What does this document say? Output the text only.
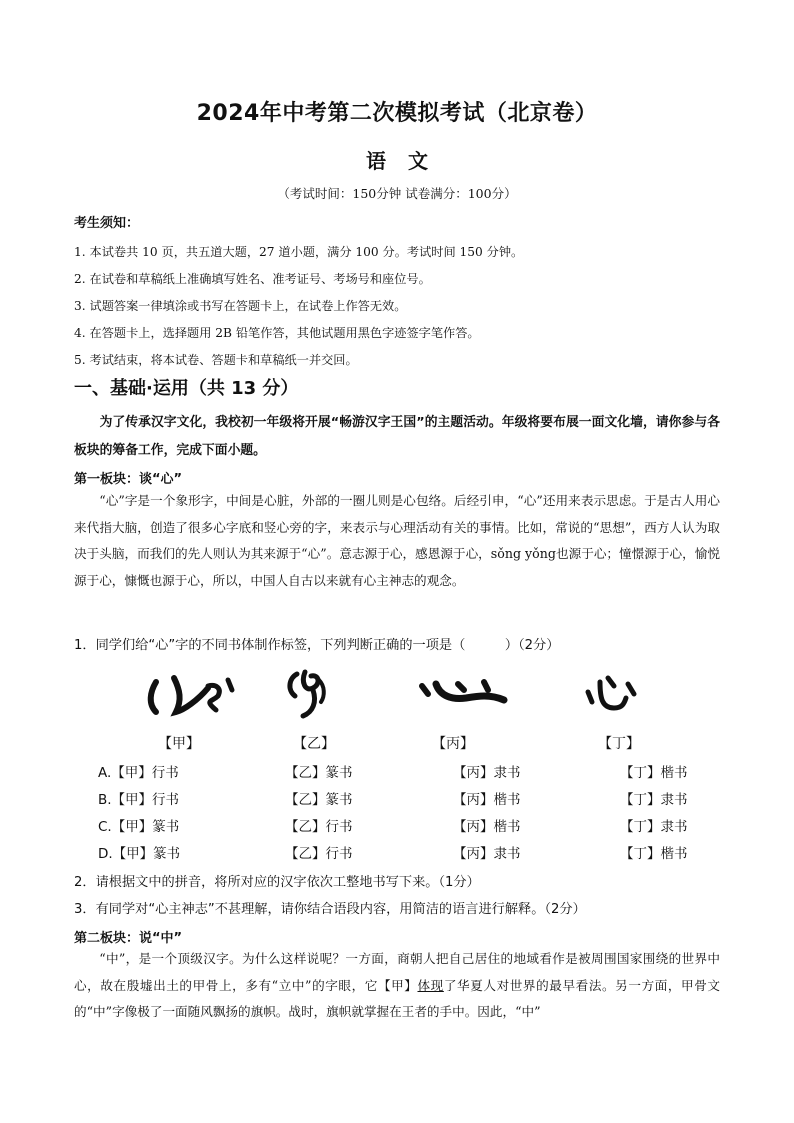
2024年中考第二次模拟考试（北京卷）
语 文
（考试时间：150分钟 试卷满分：100分）
考生须知：
1. 本试卷共 10 页，共五道大题，27 道小题，满分 100 分。考试时间 150 分钟。
2. 在试卷和草稿纸上准确填写姓名、准考证号、考场号和座位号。
3. 试题答案一律填涂或书写在答题卡上，在试卷上作答无效。
4. 在答题卡上，选择题用 2B 铅笔作答，其他试题用黑色字迹签字笔作答。
5. 考试结束，将本试卷、答题卡和草稿纸一并交回。
一、基础·运用（共 13 分）

为了传承汉字文化，我校初一年级将开展“畅游汉字王国”的主题活动。年级将要布展一面文化墙，请你参与各板块的筹备工作，完成下面小题。

第一板块：谈“心”

“心”字是一个象形字，中间是心脏，外部的一圈儿则是心包络。后经引申，“心”还用来表示思虑。于是古人用心来代指大脑，创造了很多心字底和竖心旁的字，来表示与心理活动有关的事情。比如，常说的“思想”，西方人认为取决于头脑，而我们的先人则认为其来源于“心”。意志源于心，感恩源于心，sǒng yǒng也源于心；憧憬源于心，愉悦源于心，慷慨也源于心，所以，中国人自古以来就有心主神志的观念。

1．同学们给“心”字的不同书体制作标签，下列判断正确的一项是（　　　）（2分）
【甲】	【乙】	【丙】	【丁】
A.【甲】行书	【乙】篆书	【丙】隶书	【丁】楷书
B.【甲】行书	【乙】篆书	【丙】楷书	【丁】隶书
C.【甲】篆书	【乙】行书	【丙】楷书	【丁】隶书
D.【甲】篆书	【乙】行书	【丙】隶书	【丁】楷书
2．请根据文中的拼音，将所对应的汉字依次工整地书写下来。（1分）
3．有同学对“心主神志”不甚理解，请你结合语段内容，用简洁的语言进行解释。（2分）
第二板块：说“中”

“中”，是一个顶级汉字。为什么这样说呢？一方面，商朝人把自己居住的地域看作是被周围国家围绕的世界中心，故在殷墟出土的甲骨上，多有“立中”的字眼，它【甲】体现了华夏人对世界的最早看法。另一方面，甲骨文的“中”字像极了一面随风飘扬的旗帜。战时，旗帜就掌握在王者的手中。因此，“中”
